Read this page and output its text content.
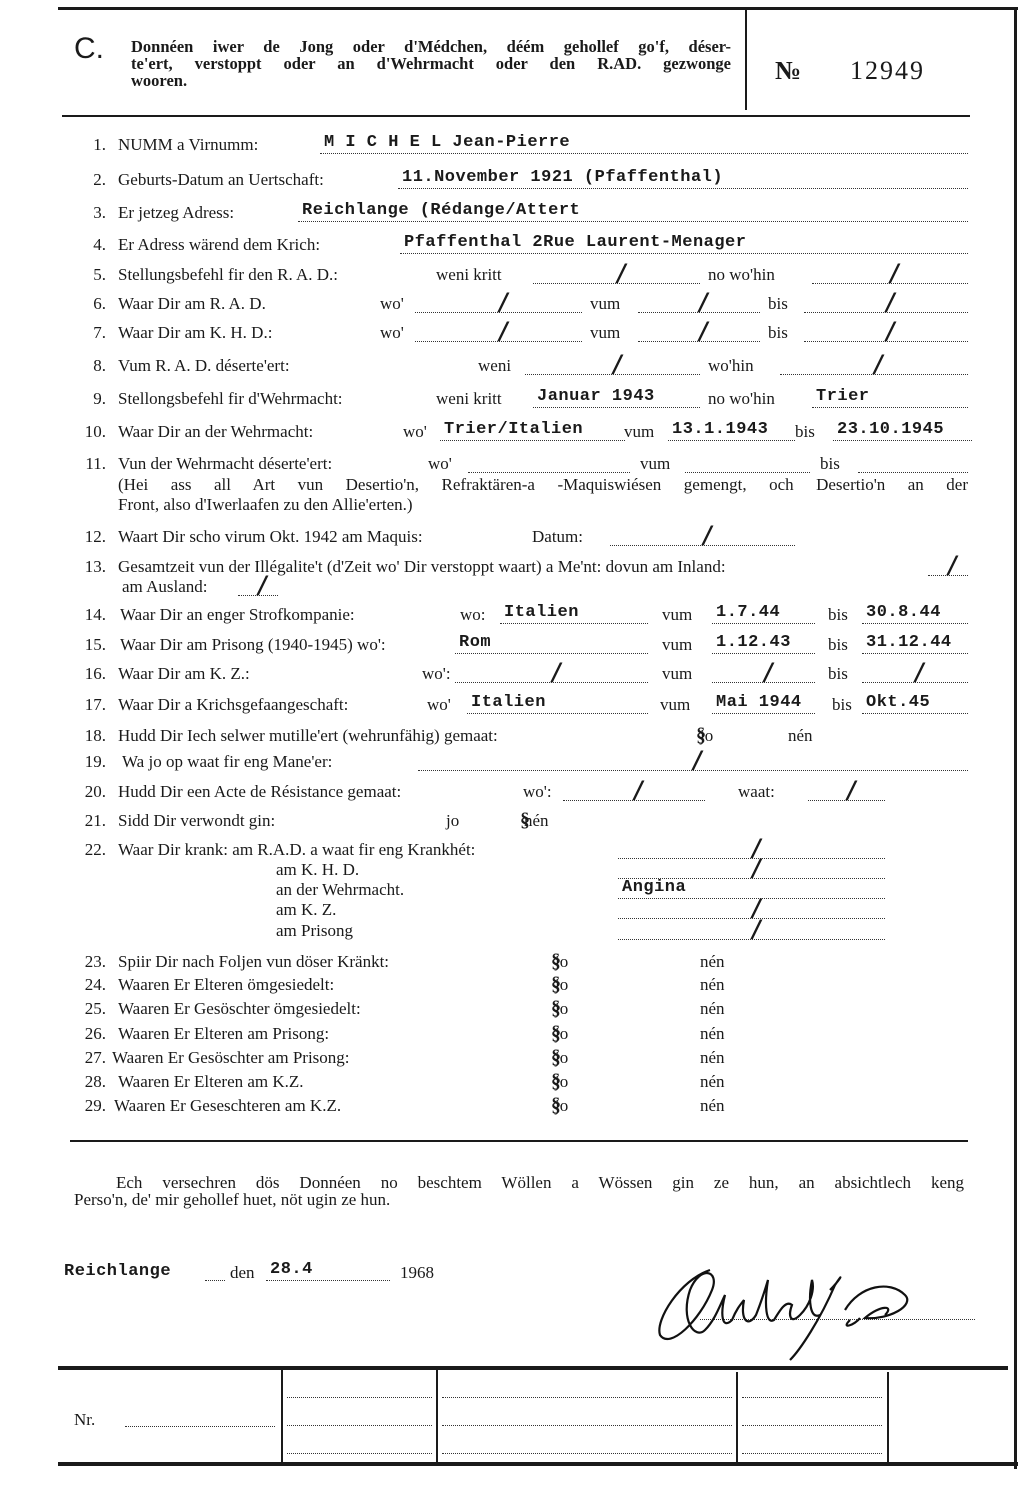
C. Donnéen iwer de Jong oder d'Médchen, déém gehollef go'f, déser-
te'ert, verstoppt oder an d'Wehrmacht oder den R.AD. gezwonge
wooren.	№ 12949
1. NUMM a Virnumm:	M I C H E L Jean-Pierre
2. Geburts-Datum an Uertschaft:	11.November 1921 (Pfaffenthal)
3. Er jetzeg Adress:	Reichlange (Rédange/Attert
4. Er Adress wärend dem Krich:	Pfaffenthal 2Rue Laurent-Menager
5. Stellungsbefehl fir den R. A. D.:	weni kritt	/	no wo'hin	/
6. Waar Dir am R. A. D.	wo'	/	vum	/	bis	/
7. Waar Dir am K. H. D.:	wo'	/	vum	/	bis	/
8. Vum R. A. D. déserte'ert:	weni	/	wo'hin	/
9. Stellongsbefehl fir d'Wehrmacht:	weni kritt Januar 1943	no wo'hin Trier
10. Waar Dir an der Wehrmacht:	wo' Trier/Italien vum 13.1.1943 bis 23.10.1945
11. Vun der Wehrmacht déserte'ert:	wo'	vum	bis
12. Waart Dir scho virum Okt. 1942 am Maquis:	Datum:	/
13. Gesamtzeit vun der Illégalite't (d'Zeit wo' Dir verstoppt waart) a Me'nt: dovun am Inland:	/
am Ausland: /
14. Waar Dir an enger Strofkompanie:	wo: Italien	vum 1.7.44	bis 30.8.44
15. Waar Dir am Prisong (1940-1945) wo':	Rom	vum 1.12.43 bis 31.12.44
16. Waar Dir am K. Z.:	wo':	/	vum	/	bis	/
17. Waar Dir a Krichsgefaangeschaft:	wo' Italien	vum Mai 1944 bis Okt.45
18. Hudd Dir Iech selwer mutille'ert (wehrunfähig) gemaat:	jo §	nén
19. Wa jo op waat fir eng Mane'er:	/
20. Hudd Dir een Acte de Résistance gemaat:	wo':	/	waat:	/
21. Sidd Dir verwondt gin:	jo	nén §
22. Waar Dir krank: am R.A.D. a waat fir eng Krankhét:	/
am K. H. D.	/
an der Wehrmacht.	Angina
am K. Z.	/
am Prisong	/
23. Spiir Dir nach Foljen vun döser Kränkt:	jo §	nén
24. Waaren Er Elteren ömgesiedelt:	jo §	nén
25. Waaren Er Gesöschter ömgesiedelt:	jo §	nén
26. Waaren Er Elteren am Prisong:	jo §	nén
27. Waaren Er Gesöschter am Prisong:	jo §	nén
28. Waaren Er Elteren am K.Z.	jo §	nén
29. Waaren Er Geseschteren am K.Z.	jo §	nén
(Hei ass all Art vun Desertio'n, Refraktären-a -Maquiswiésen gemengt, och Desertio'n an der
Front, also d'Iwerlaafen zu den Allie'erten.)
Ech versechren dös Donnéen no beschtem Wöllen a Wössen gin ze hun, an absichtlech keng
Perso'n, de' mir gehollef huet, nöt ugin ze hun.
Reichlange	den 28.4	1968
Nr.
